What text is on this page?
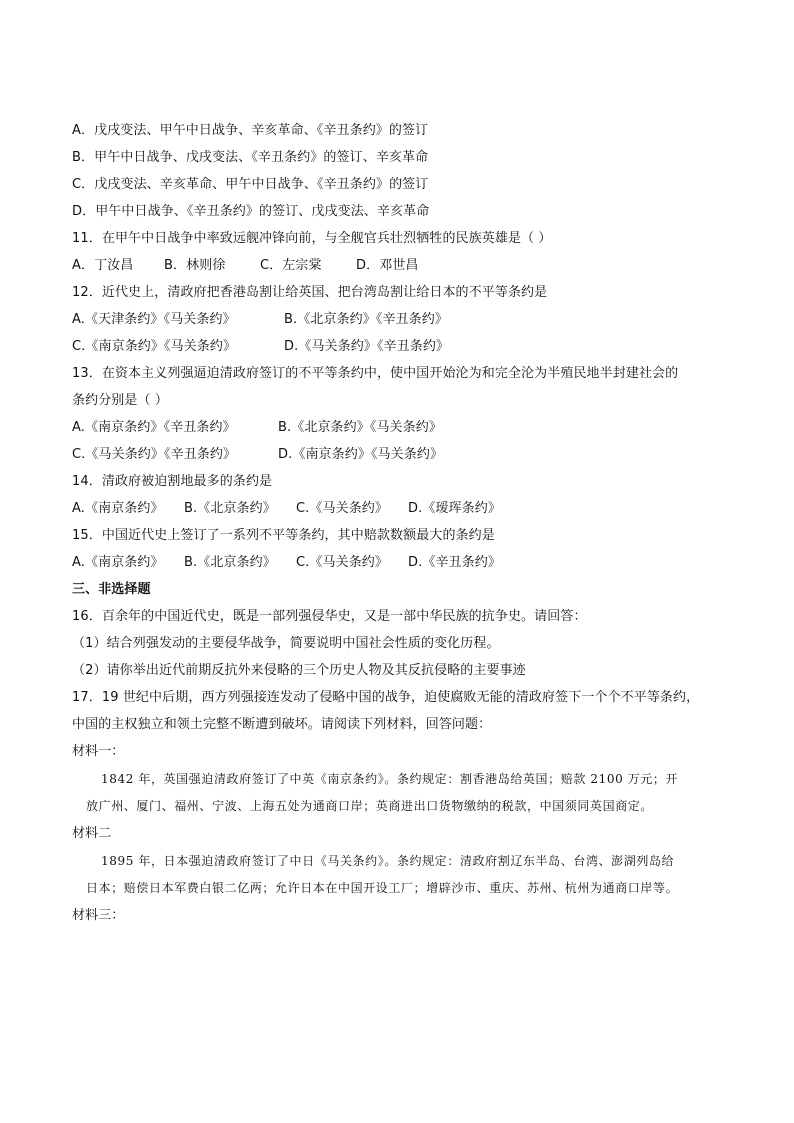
A．戊戌变法、甲午中日战争、辛亥革命、《辛丑条约》的签订
B．甲午中日战争、戊戌变法、《辛丑条约》的签订、辛亥革命
C．戊戌变法、辛亥革命、甲午中日战争、《辛丑条约》的签订
D．甲午中日战争、《辛丑条约》的签订、戊戌变法、辛亥革命
11．在甲午中日战争中率致远舰冲锋向前，与全舰官兵壮烈牺牲的民族英雄是（ ）
A．丁汝昌 B．林则徐	C．左宗棠	D．邓世昌
12．近代史上，清政府把香港岛割让给英国、把台湾岛割让给日本的不平等条约是
A.《天津条约》《马关条约》	B.《北京条约》《辛丑条约》
C.《南京条约》《马关条约》	D.《马关条约》《辛丑条约》
13．在资本主义列强逼迫清政府签订的不平等条约中，使中国开始沦为和完全沦为半殖民地半封建社会的
条约分别是（ ）
A.《南京条约》《辛丑条约》	B.《北京条约》《马关条约》
C.《马关条约》《辛丑条约》	D.《南京条约》《马关条约》
14．清政府被迫割地最多的条约是
A.《南京条约》 B.《北京条约》 C.《马关条约》 D.《瑷珲条约》
15．中国近代史上签订了一系列不平等条约，其中赔款数额最大的条约是
A.《南京条约》 B.《北京条约》 C.《马关条约》 D.《辛丑条约》
三、非选择题
16．百余年的中国近代史，既是一部列强侵华史，又是一部中华民族的抗争史。请回答：
（1）结合列强发动的主要侵华战争，简要说明中国社会性质的变化历程。
（2）请你举出近代前期反抗外来侵略的三个历史人物及其反抗侵略的主要事迹
17．19 世纪中后期，西方列强接连发动了侵略中国的战争，迫使腐败无能的清政府签下一个个不平等条约，
中国的主权独立和领土完整不断遭到破坏。请阅读下列材料，回答问题：
材料一：
1842 年，英国强迫清政府签订了中英《南京条约》。条约规定：割香港岛给英国；赔款 2100 万元；开
放广州、厦门、福州、宁波、上海五处为通商口岸；英商进出口货物缴纳的税款，中国须同英国商定。
材料二
1895 年，日本强迫清政府签订了中日《马关条约》。条约规定：清政府割辽东半岛、台湾、澎湖列岛给
日本；赔偿日本军费白银二亿两；允许日本在中国开设工厂；增辟沙市、重庆、苏州、杭州为通商口岸等。
材料三：
